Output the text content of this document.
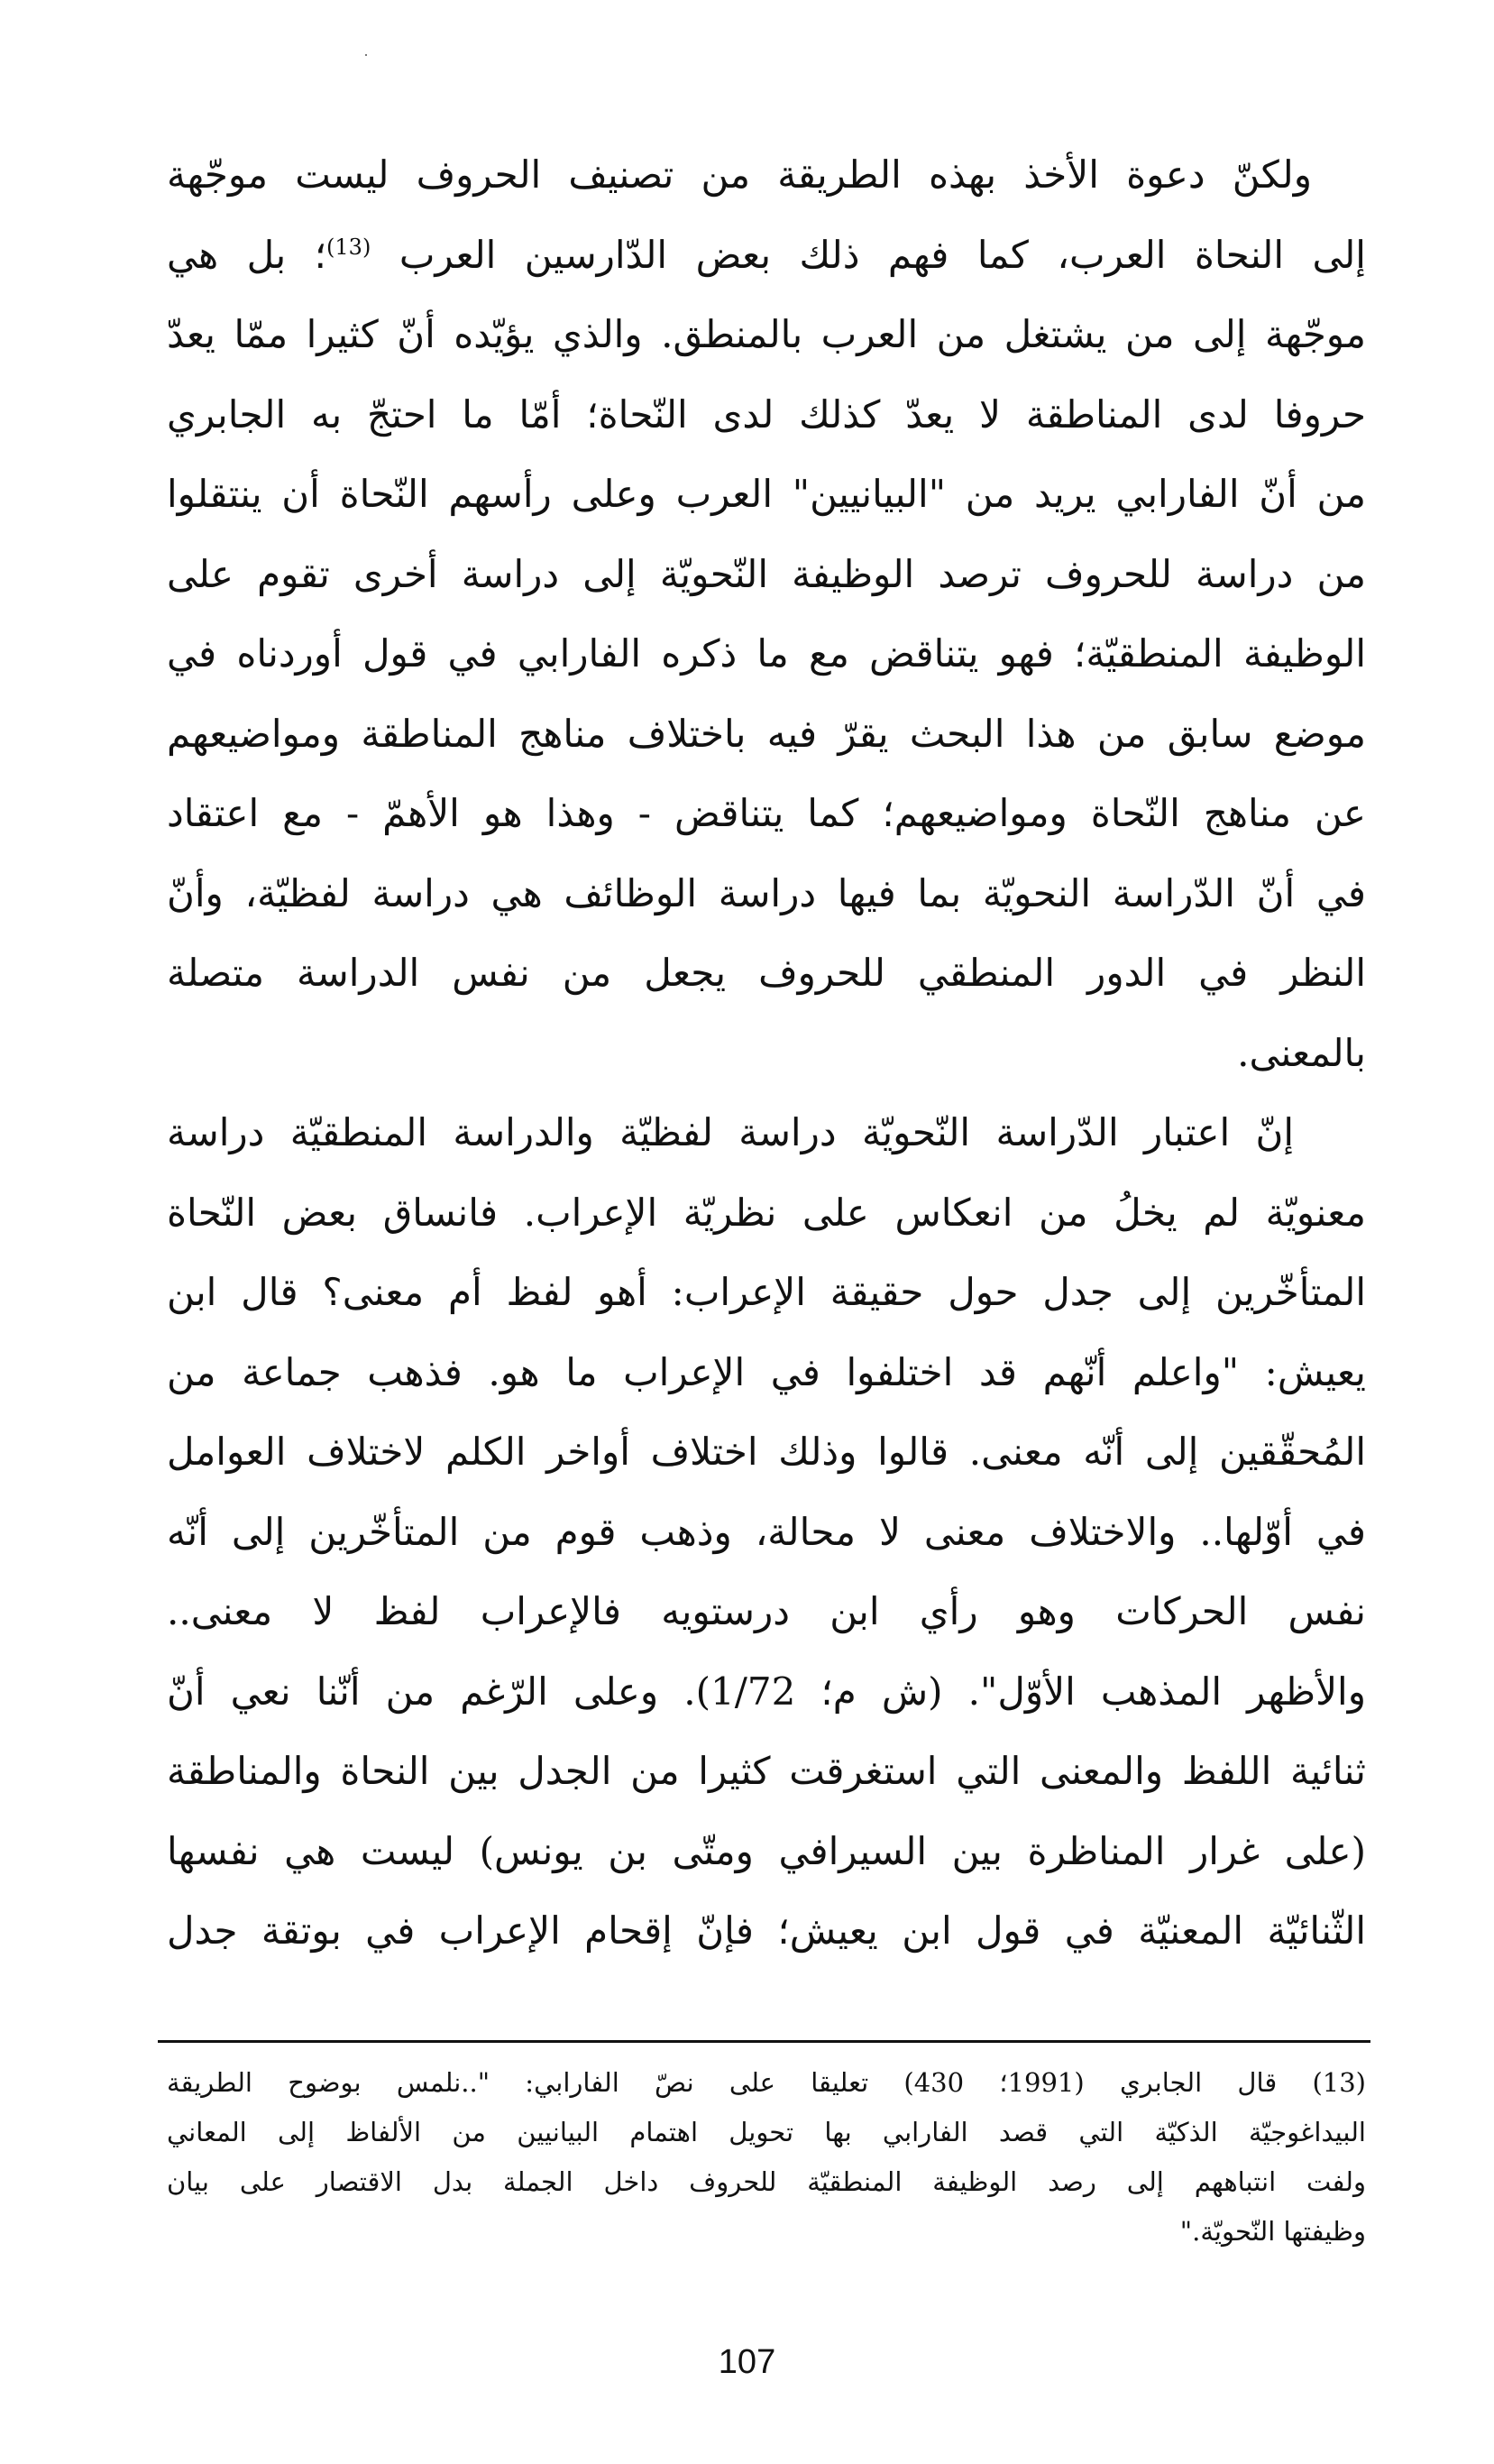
ولكنّ دعوة الأخذ بهذه الطريقة من تصنيف الحروف ليست موجّهة
إلى النحاة العرب، كما فهم ذلك بعض الدّارسين العرب $^{(13)}$؛ بل هي
موجّهة إلى من يشتغل من العرب بالمنطق. والذي يؤيّده أنّ كثيرا ممّا يعدّ
حروفا لدى المناطقة لا يعدّ كذلك لدى النّحاة؛ أمّا ما احتجّ به الجابري
من أنّ الفارابي يريد من "البيانيين" العرب وعلى رأسهم النّحاة أن ينتقلوا
من دراسة للحروف ترصد الوظيفة النّحويّة إلى دراسة أخرى تقوم على
الوظيفة المنطقيّة؛ فهو يتناقض مع ما ذكره الفارابي في قول أوردناه في
موضع سابق من هذا البحث يقرّ فيه باختلاف مناهج المناطقة ومواضيعهم
عن مناهج النّحاة ومواضيعهم؛ كما يتناقض - وهذا هو الأهمّ - مع اعتقاد
في أنّ الدّراسة النحويّة بما فيها دراسة الوظائف هي دراسة لفظيّة، وأنّ
النظر في الدور المنطقي للحروف يجعل من نفس الدراسة متصلة
بالمعنى.
إنّ اعتبار الدّراسة النّحويّة دراسة لفظيّة والدراسة المنطقيّة دراسة
معنويّة لم يخلُ من انعكاس على نظريّة الإعراب. فانساق بعض النّحاة
المتأخّرين إلى جدل حول حقيقة الإعراب: أهو لفظ أم معنى؟ قال ابن
يعيش: "واعلم أنّهم قد اختلفوا في الإعراب ما هو. فذهب جماعة من
المُحقّقين إلى أنّه معنى. قالوا وذلك اختلاف أواخر الكلم لاختلاف العوامل
في أوّلها.. والاختلاف معنى لا محالة، وذهب قوم من المتأخّرين إلى أنّه
نفس الحركات وهو رأي ابن درستويه فالإعراب لفظ لا معنى..
والأظهر المذهب الأوّل". (ش م؛ 1/72). وعلى الرّغم من أنّنا نعي أنّ
ثنائية اللفظ والمعنى التي استغرقت كثيرا من الجدل بين النحاة والمناطقة
(على غرار المناظرة بين السيرافي ومتّى بن يونس) ليست هي نفسها
الثّنائيّة المعنيّة في قول ابن يعيش؛ فإنّ إقحام الإعراب في بوتقة جدل
(13) قال الجابري (1991؛ 430) تعليقا على نصّ الفارابي: "..نلمس بوضوح الطريقة
البيداغوجيّة الذكيّة التي قصد الفارابي بها تحويل اهتمام البيانيين من الألفاظ إلى المعاني
ولفت انتباههم إلى رصد الوظيفة المنطقيّة للحروف داخل الجملة بدل الاقتصار على بيان
وظيفتها النّحويّة."
107
